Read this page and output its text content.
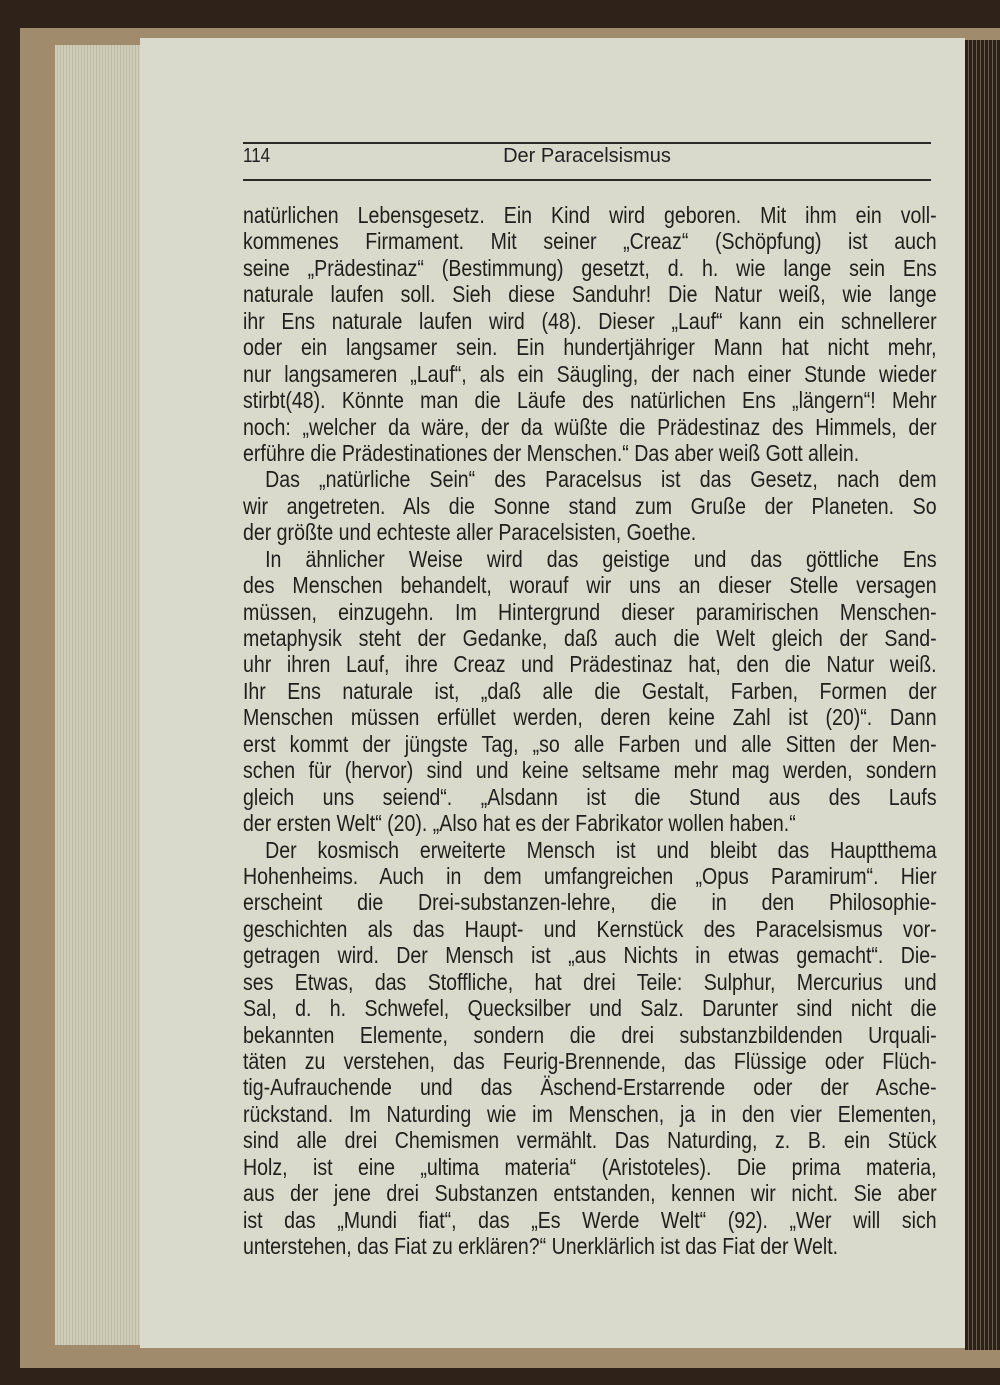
Der Paracelsismus
114
natürlichen Lebensgesetz. Ein Kind wird geboren. Mit ihm ein voll-
kommenes Firmament. Mit seiner „Creaz“ (Schöpfung) ist auch
seine „Prädestinaz“ (Bestimmung) gesetzt, d. h. wie lange sein Ens
naturale laufen soll. Sieh diese Sanduhr! Die Natur weiß, wie lange
ihr Ens naturale laufen wird (48). Dieser „Lauf“ kann ein schnellerer
oder ein langsamer sein. Ein hundertjähriger Mann hat nicht mehr,
nur langsameren „Lauf“, als ein Säugling, der nach einer Stunde wieder
stirbt(48). Könnte man die Läufe des natürlichen Ens „längern“! Mehr
noch: „welcher da wäre, der da wüßte die Prädestinaz des Himmels, der
erführe die Prädestinationes der Menschen.“ Das aber weiß Gott allein.
Das „natürliche Sein“ des Paracelsus ist das Gesetz, nach dem
wir angetreten. Als die Sonne stand zum Gruße der Planeten. So
der größte und echteste aller Paracelsisten, Goethe.
In ähnlicher Weise wird das geistige und das göttliche Ens
des Menschen behandelt, worauf wir uns an dieser Stelle versagen
müssen, einzugehn. Im Hintergrund dieser paramirischen Menschen-
metaphysik steht der Gedanke, daß auch die Welt gleich der Sand-
uhr ihren Lauf, ihre Creaz und Prädestinaz hat, den die Natur weiß.
Ihr Ens naturale ist, „daß alle die Gestalt, Farben, Formen der
Menschen müssen erfüllet werden, deren keine Zahl ist (20)“. Dann
erst kommt der jüngste Tag, „so alle Farben und alle Sitten der Men-
schen für (hervor) sind und keine seltsame mehr mag werden, sondern
gleich uns seiend“. „Alsdann ist die Stund aus des Laufs
der ersten Welt“ (20). „Also hat es der Fabrikator wollen haben.“
Der kosmisch erweiterte Mensch ist und bleibt das Hauptthema
Hohenheims. Auch in dem umfangreichen „Opus Paramirum“. Hier
erscheint die Drei-substanzen-lehre, die in den Philosophie-
geschichten als das Haupt- und Kernstück des Paracelsismus vor-
getragen wird. Der Mensch ist „aus Nichts in etwas gemacht“. Die-
ses Etwas, das Stoffliche, hat drei Teile: Sulphur, Mercurius und
Sal, d. h. Schwefel, Quecksilber und Salz. Darunter sind nicht die
bekannten Elemente, sondern die drei substanzbildenden Urquali-
täten zu verstehen, das Feurig-Brennende, das Flüssige oder Flüch-
tig-Aufrauchende und das Äschend-Erstarrende oder der Asche-
rückstand. Im Naturding wie im Menschen, ja in den vier Elementen,
sind alle drei Chemismen vermählt. Das Naturding, z. B. ein Stück
Holz, ist eine „ultima materia“ (Aristoteles). Die prima materia,
aus der jene drei Substanzen entstanden, kennen wir nicht. Sie aber
ist das „Mundi fiat“, das „Es Werde Welt“ (92). „Wer will sich
unterstehen, das Fiat zu erklären?“ Unerklärlich ist das Fiat der Welt.
